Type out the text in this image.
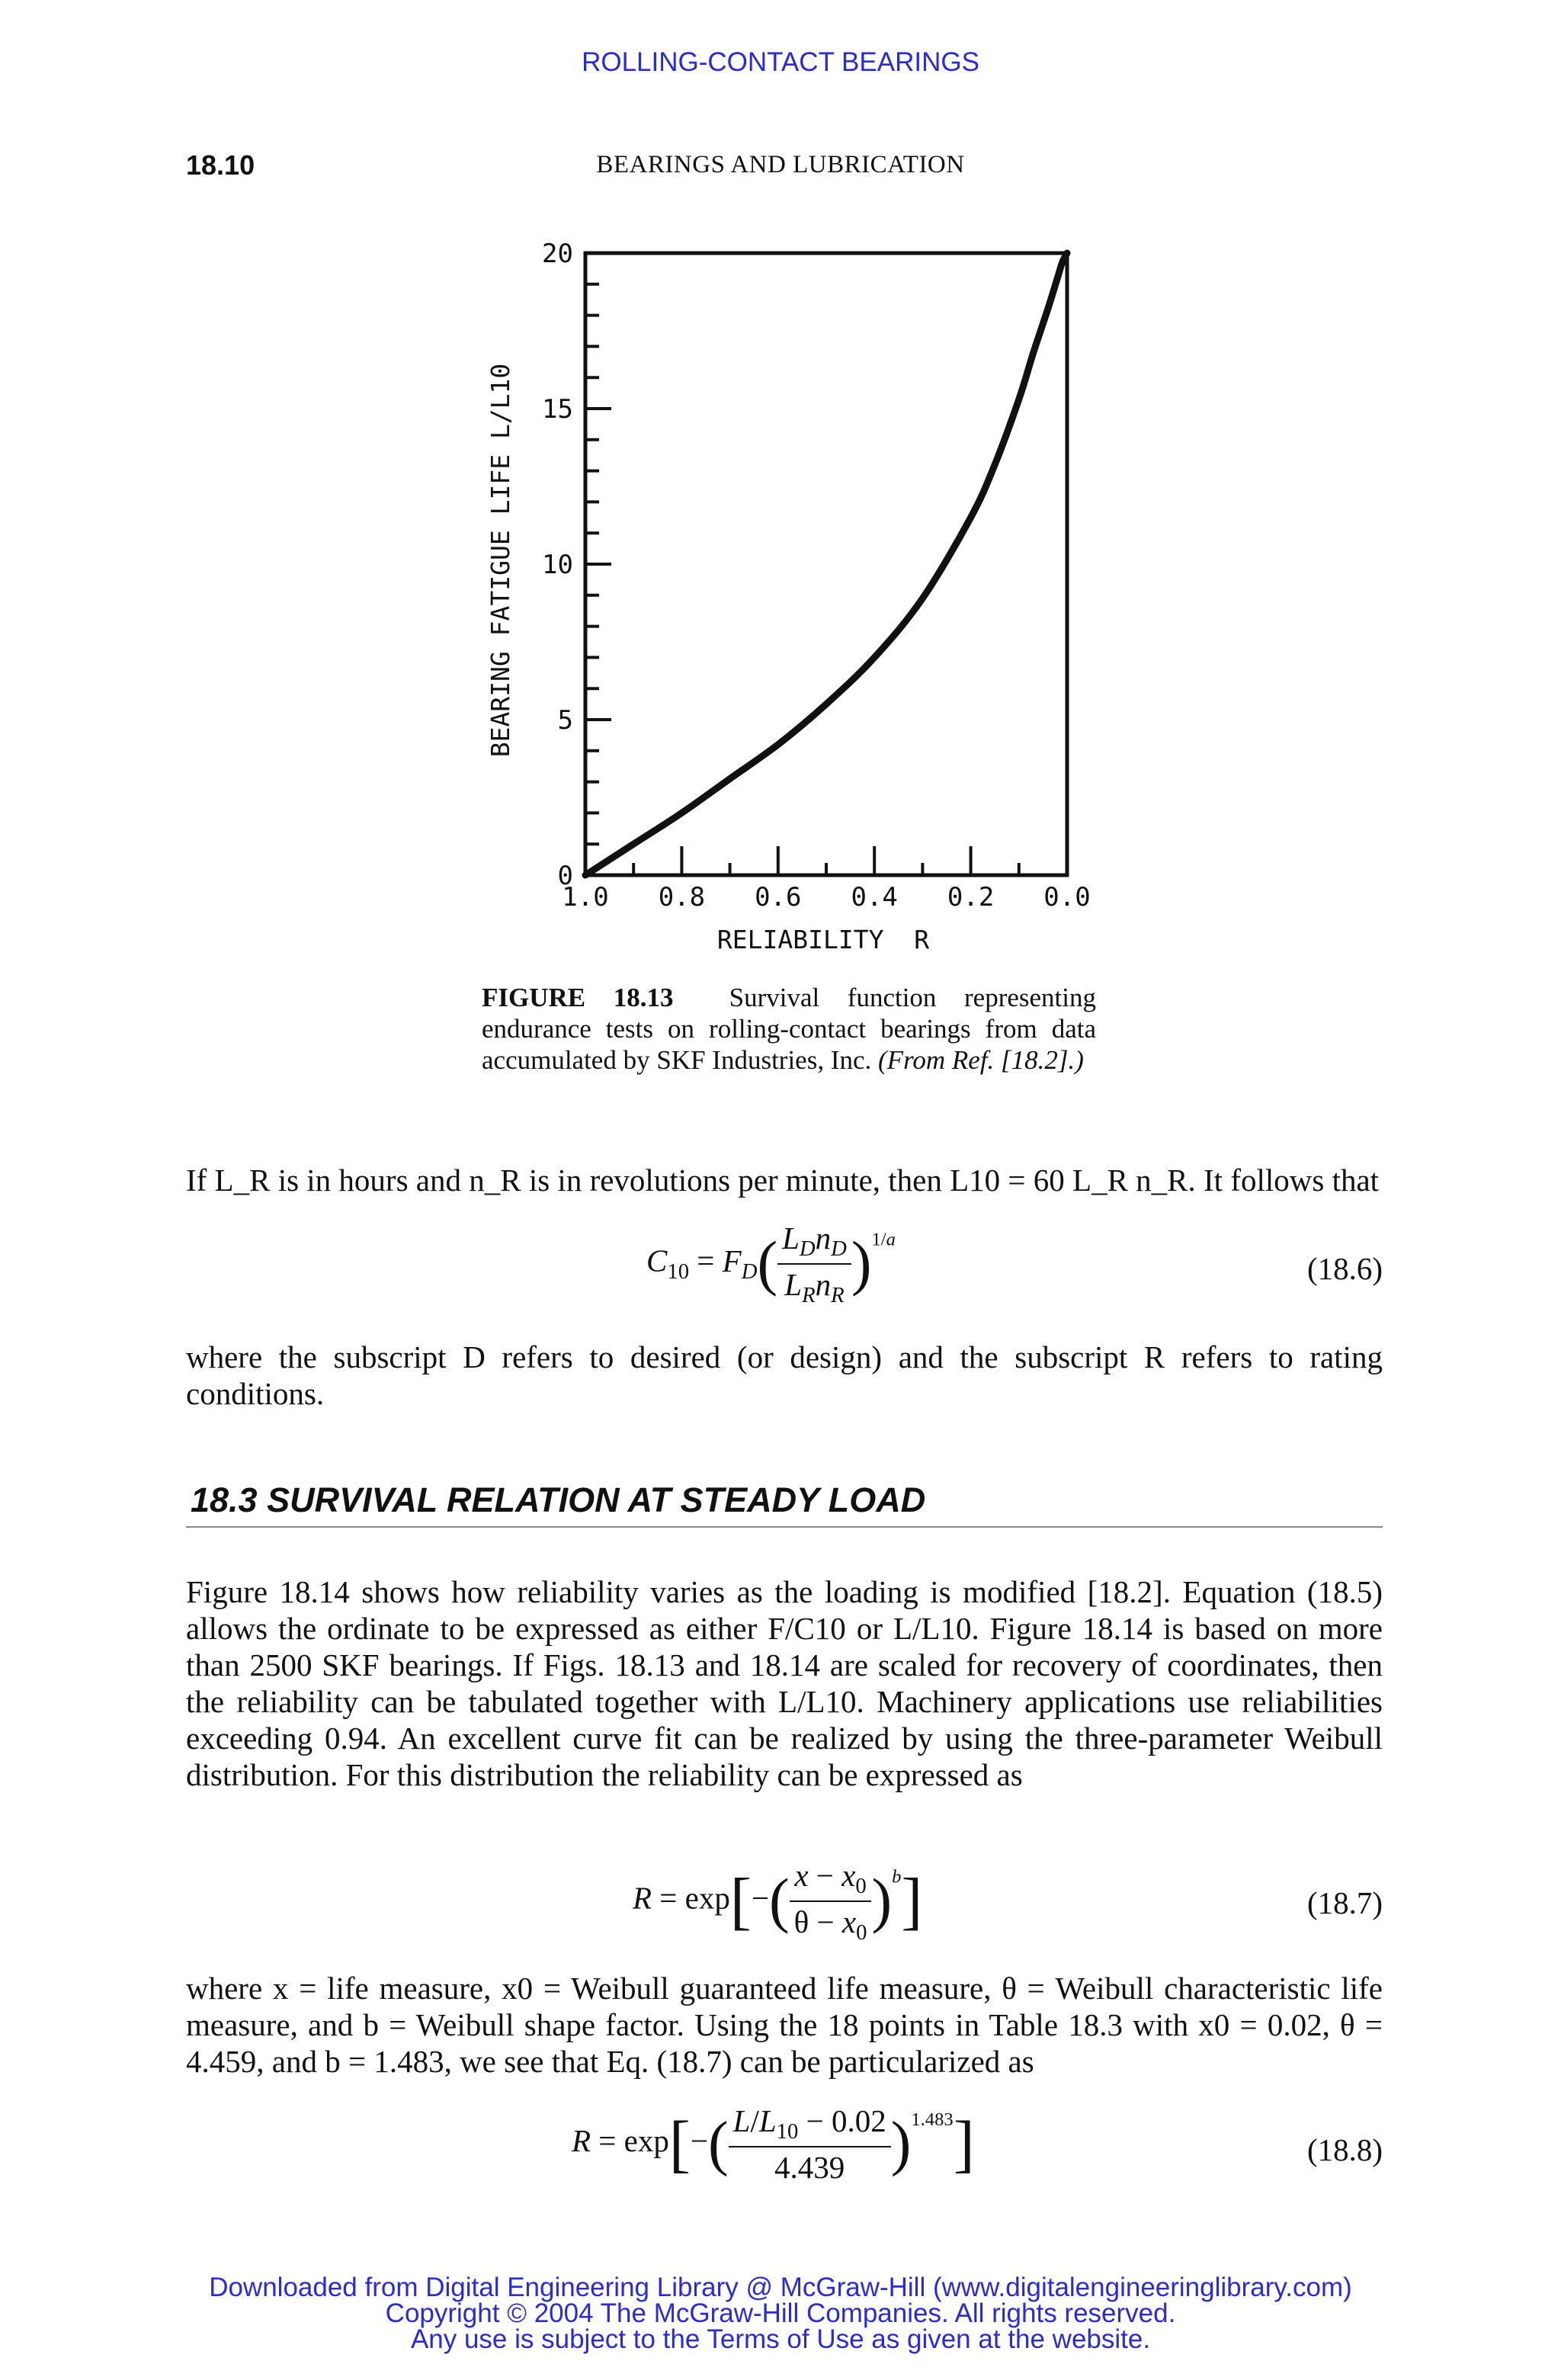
ROLLING-CONTACT BEARINGS
18.10	BEARINGS AND LUBRICATION
0
5
10
15
20
1.0 0.8 0.6 0.4 0.2 0.0
BEARING FATIGUE LIFE L/L10
RELIABILITY  R
FIGURE 18.13 Survival function representing endurance tests on rolling-contact bearings from data accumulated by SKF Industries, Inc. (From Ref. [18.2].)
If L_R is in hours and n_R is in revolutions per minute, then L10 = 60 L_R n_R. It follows that
$C_{10} = F_D( \frac{L_Dn_D}{L_Rn_R} )^{1/a}$
(18.6)
where the subscript D refers to desired (or design) and the subscript R refers to rating conditions.
18.3 SURVIVAL RELATION AT STEADY LOAD
Figure 18.14 shows how reliability varies as the loading is modified [18.2]. Equation (18.5) allows the ordinate to be expressed as either F/C10 or L/L10. Figure 18.14 is based on more than 2500 SKF bearings. If Figs. 18.13 and 18.14 are scaled for recovery of coordinates, then the reliability can be tabulated together with L/L10. Machinery applications use reliabilities exceeding 0.94. An excellent curve fit can be realized by using the three-parameter Weibull distribution. For this distribution the reliability can be expressed as
$R = \exp[-( \frac{x - x_0}{\theta - x_0} )^b]$	(18.7)
where x = life measure, x0 = Weibull guaranteed life measure, θ = Weibull characteristic life measure, and b = Weibull shape factor. Using the 18 points in Table 18.3 with x0 = 0.02, θ = 4.459, and b = 1.483, we see that Eq. (18.7) can be particularized as
$R = \exp[-( \frac{L/L_{10} - 0.02}{4.439} )^{1.483}]$	(18.8)
Downloaded from Digital Engineering Library @ McGraw-Hill (www.digitalengineeringlibrary.com)
Copyright © 2004 The McGraw-Hill Companies. All rights reserved.
Any use is subject to the Terms of Use as given at the website.
